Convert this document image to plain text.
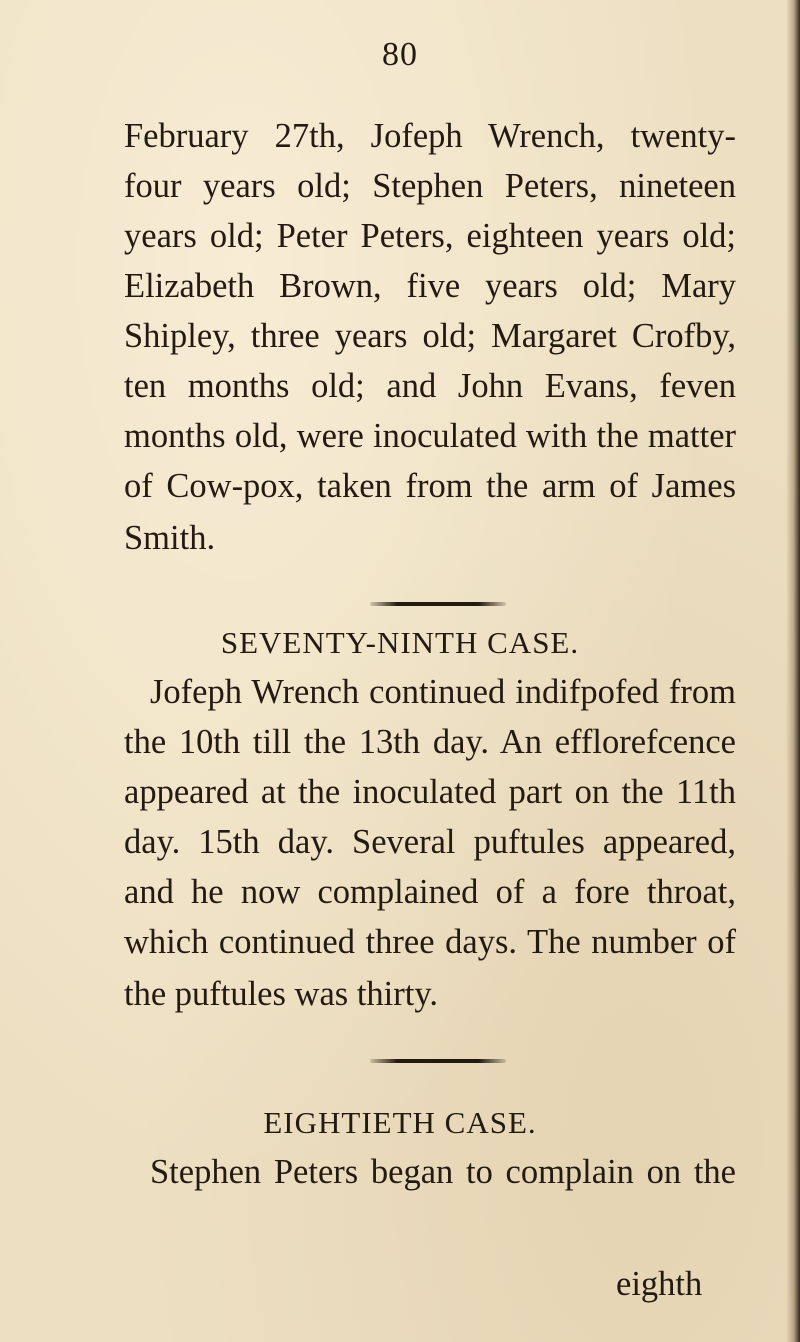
80
February 27th, Jofeph Wrench, twenty-
four years old; Stephen Peters, nineteen
years old; Peter Peters, eighteen years old;
Elizabeth Brown, five years old; Mary
Shipley, three years old; Margaret Crofby,
ten months old; and John Evans, feven
months old, were inoculated with the matter
of Cow-pox, taken from the arm of James
Smith.
SEVENTY-NINTH CASE.
Jofeph Wrench continued indifpofed from
the 10th till the 13th day. An efflorefcence
appeared at the inoculated part on the 11th
day. 15th day. Several puftules appeared,
and he now complained of a fore throat,
which continued three days. The number of
the puftules was thirty.
EIGHTIETH CASE.
Stephen Peters began to complain on the
eighth
